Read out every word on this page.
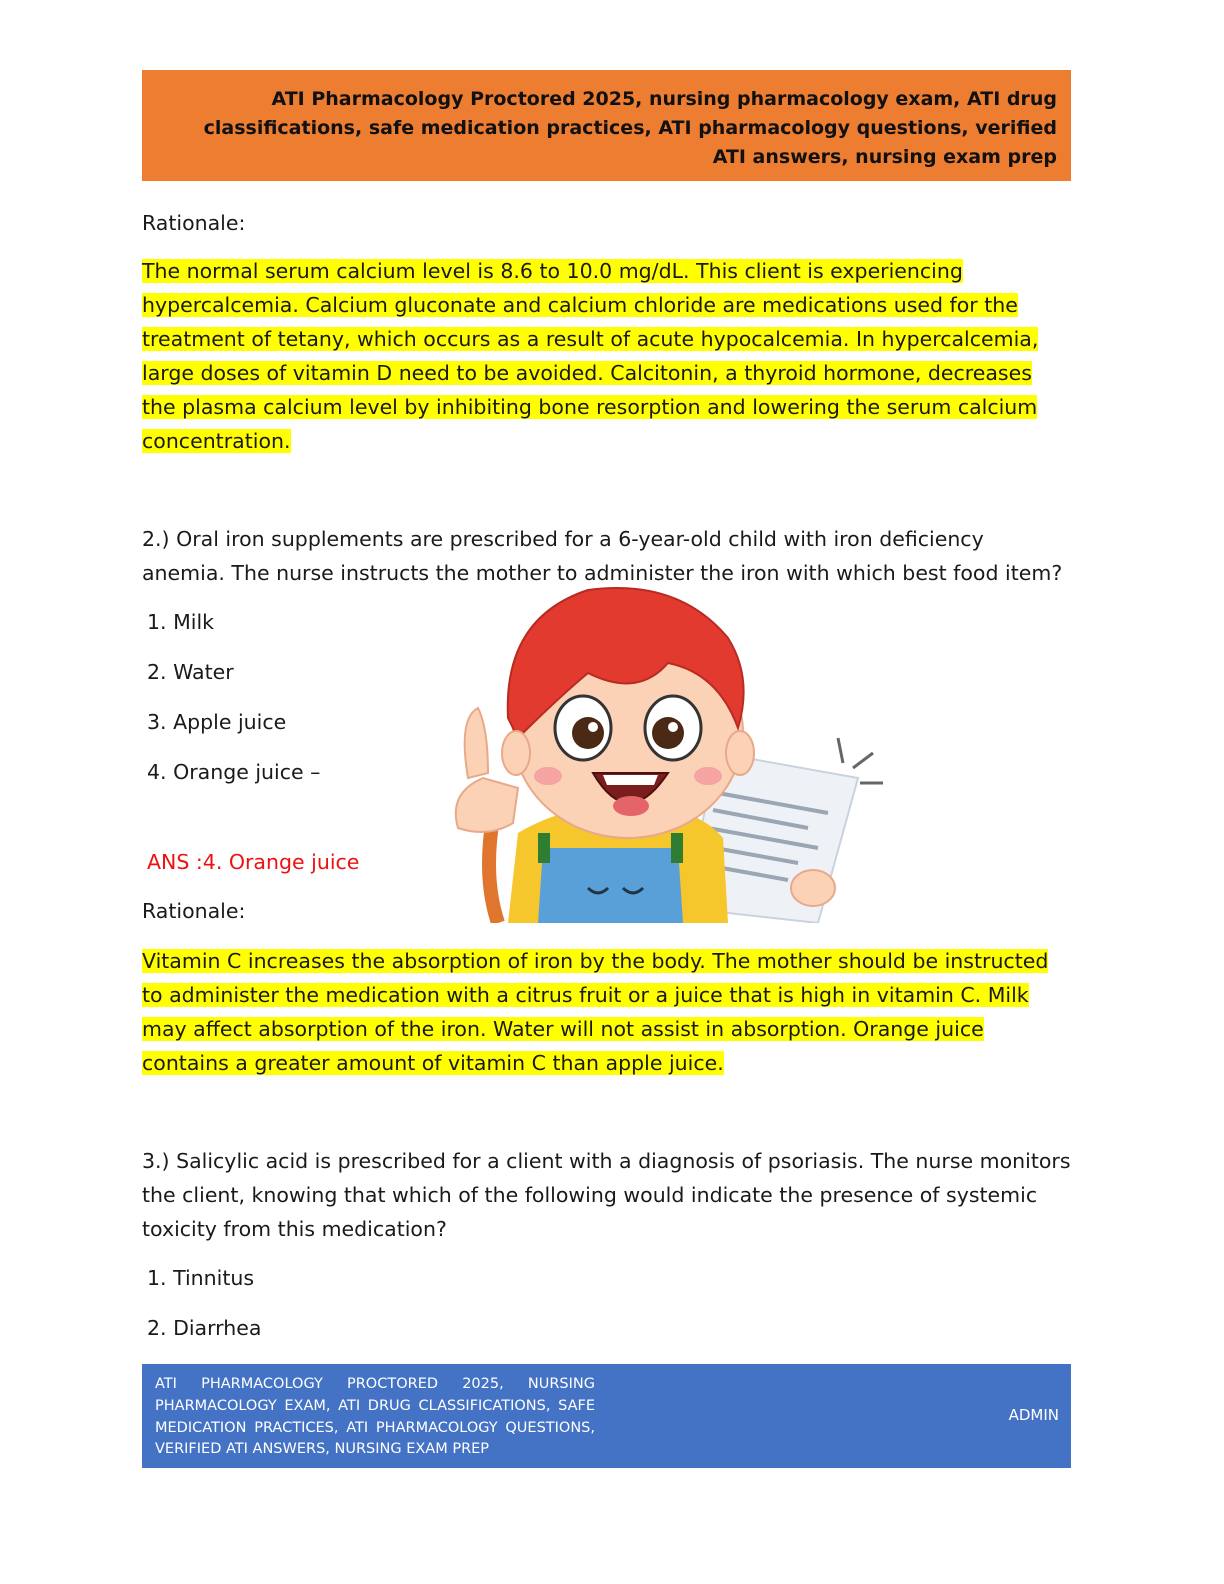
ATI Pharmacology Proctored 2025, nursing pharmacology exam, ATI drug classifications, safe medication practices, ATI pharmacology questions, verified ATI answers, nursing exam prep

Rationale:

The normal serum calcium level is 8.6 to 10.0 mg/dL. This client is experiencing hypercalcemia. Calcium gluconate and calcium chloride are medications used for the treatment of tetany, which occurs as a result of acute hypocalcemia. In hypercalcemia, large doses of vitamin D need to be avoided. Calcitonin, a thyroid hormone, decreases the plasma calcium level by inhibiting bone resorption and lowering the serum calcium concentration.

2.) Oral iron supplements are prescribed for a 6-year-old child with iron deficiency anemia. The nurse instructs the mother to administer the iron with which best food item?

1. Milk

2. Water

3. Apple juice

4. Orange juice –

ANS :4. Orange juice

Rationale:

Vitamin C increases the absorption of iron by the body. The mother should be instructed to administer the medication with a citrus fruit or a juice that is high in vitamin C. Milk may affect absorption of the iron. Water will not assist in absorption. Orange juice contains a greater amount of vitamin C than apple juice.

3.) Salicylic acid is prescribed for a client with a diagnosis of psoriasis. The nurse monitors the client, knowing that which of the following would indicate the presence of systemic toxicity from this medication?

1. Tinnitus

2. Diarrhea

ATI PHARMACOLOGY PROCTORED 2025, NURSING PHARMACOLOGY EXAM, ATI DRUG CLASSIFICATIONS, SAFE MEDICATION PRACTICES, ATI PHARMACOLOGY QUESTIONS, VERIFIED ATI ANSWERS, NURSING EXAM PREP
ADMIN
